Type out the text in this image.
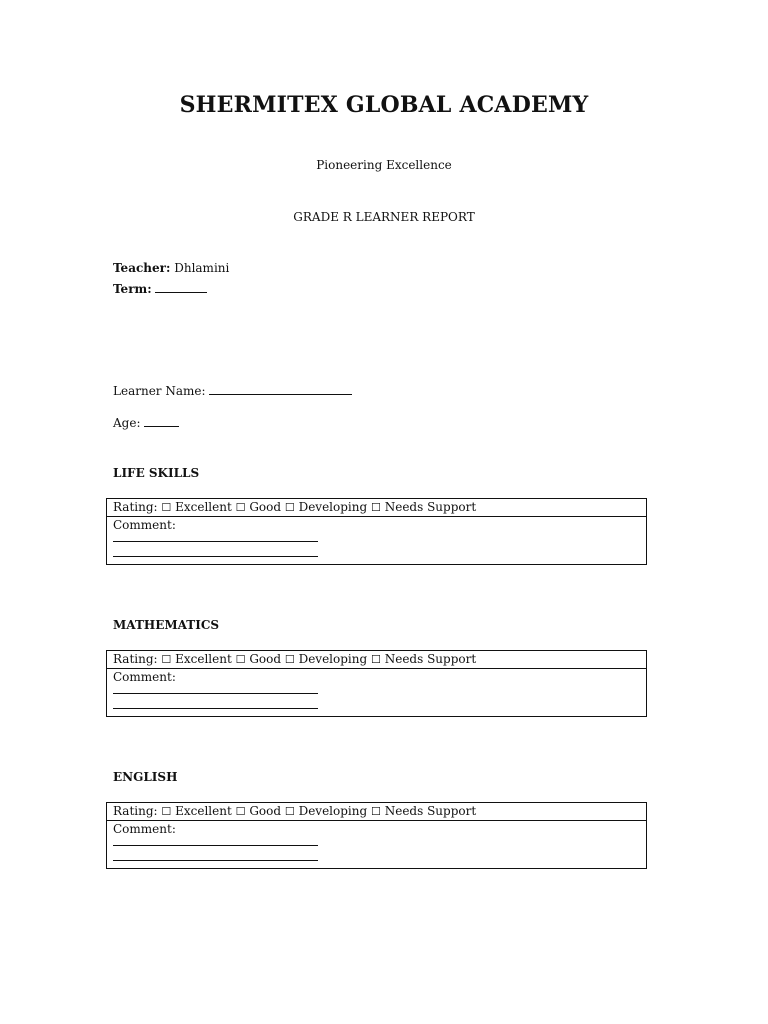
SHERMITEX GLOBAL ACADEMY
Pioneering Excellence
GRADE R LEARNER REPORT
Teacher: Dhlamini
Term:
Learner Name:
Age:
LIFE SKILLS
Rating: ☐ Excellent ☐ Good ☐ Developing ☐ Needs Support
Comment:
MATHEMATICS
Rating: ☐ Excellent ☐ Good ☐ Developing ☐ Needs Support
Comment:
ENGLISH
Rating: ☐ Excellent ☐ Good ☐ Developing ☐ Needs Support
Comment:
